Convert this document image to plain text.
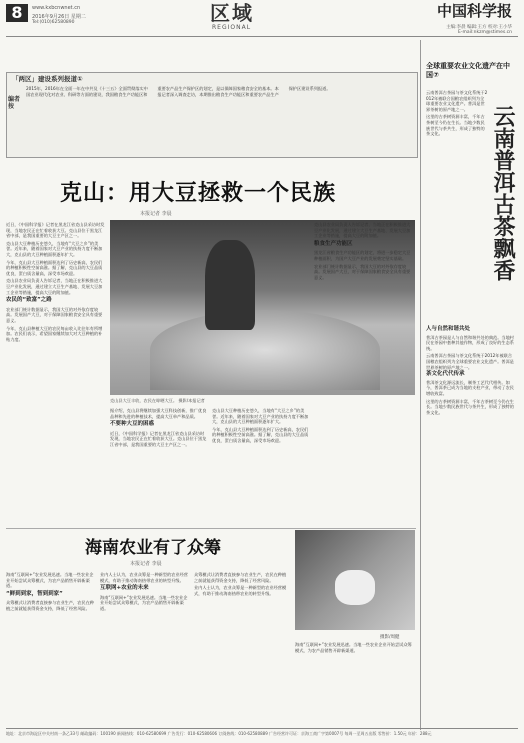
8	www.kxbcnwnet.cn
2016年9月26日 星期二
Tel:(010)62580890	区域
REGIONAL
中国科学报
主编:李晨 编辑:王方 校对:王小华
E-mail:nkzm@stimes.cn
「两区」建设系列报道①
编者按
2015年，2016年在全面一年在中共及《十三五》全面贯彻落实中国农业现代化对农业、科研等方面的建设，我国粮食生产功能区和重要农产品生产保护区的划定，是以保障国家粮食安全的基本。本报记者深入调查走访，本期推出粮食生产功能区和重要农产品生产保护区建设系列报道。
克山：用大豆拯救一个民族
本报记者 李晨

近日，《中国科学报》记者在黑龙江省克山县采访时发现，当地农民正在忙着收获大豆。克山县位于黑龙江省中部，是我国重要的大豆主产区之一。

克山县大豆种植历史悠久，当地有“大豆之乡”的美誉。近年来，随着国家对大豆产业的扶持力度不断加大，克山县的大豆种植面积逐年扩大。

今年，克山县大豆种植面积达到了历史新高，农民们的种植积极性空前高涨。据了解，克山县的大豆品质优良，蛋白质含量高，深受市场欢迎。

克山县农业局负责人告诉记者，当地正在积极推进大豆产业化发展，通过建立大豆生产基地、发展大豆加工企业等措施，提高大豆的附加值。

农民的“致富”之路

农业部门统计数据显示，我国大豆的对外依存度较高。发展国产大豆，对于保障国家粮食安全具有重要意义。

今年，克山县种植大豆的农民每亩收入比往年有所增加。农民们表示，希望国家继续加大对大豆种植的补贴力度。

克山县大豆丰收，农民在晾晒大豆。 摄影/本报记者

据介绍，克山县将继续加强大豆科技创新，推广优良品种和先进的种植技术，提高大豆单产和品质。

不要种大豆的困惑

近日，《中国科学报》记者在黑龙江省克山县采访时发现，当地农民正在忙着收获大豆。克山县位于黑龙江省中部，是我国重要的大豆主产区之一。

克山县大豆种植历史悠久，当地有“大豆之乡”的美誉。近年来，随着国家对大豆产业的扶持力度不断加大，克山县的大豆种植面积逐年扩大。

今年，克山县大豆种植面积达到了历史新高，农民们的种植积极性空前高涨。据了解，克山县的大豆品质优良，蛋白质含量高，深受市场欢迎。

克山县农业局负责人告诉记者，当地正在积极推进大豆产业化发展，通过建立大豆生产基地、发展大豆加工企业等措施，提高大豆的附加值。

粮食生产功能区

黑龙江省粮食生产功能区的划定，将进一步稳定大豆种植面积，为国产大豆产业的发展奠定坚实基础。

农业部门统计数据显示，我国大豆的对外依存度较高。发展国产大豆，对于保障国家粮食安全具有重要意义。

海南农业有了众筹
本报记者 李晨

海南“互联网+”农业发展迅速。当地一些农业企业开始尝试众筹模式，为农产品销售开辟新渠道。

“鲜到到家，智到到家”

众筹模式让消费者直接参与农业生产，农民在种植之前就能获得资金支持，降低了经营风险。

业内人士认为，农业众筹是一种新型的农业经营模式，有助于推动海南热带农业的转型升级。

互联网+农业的未来

海南“互联网+”农业发展迅速。当地一些农业企业开始尝试众筹模式，为农产品销售开辟新渠道。

众筹模式让消费者直接参与农业生产，农民在种植之前就能获得资金支持，降低了经营风险。

业内人士认为，农业众筹是一种新型的农业经营模式，有助于推动海南热带农业的转型升级。

摄影/周健

海南“互联网+”农业发展迅速。当地一些农业企业开始尝试众筹模式，为农产品销售开辟新渠道。

全球重要农业文化遗产在中国⑦
云南普洱古茶飘香

云南普洱古茶园与茶文化系统于2012年被联合国粮农组织列为全球重要农业文化遗产。普洱是世界茶树的原产地之一。

这里的古茶树资源丰富，千年古茶树至今仍在生长。当地少数民族世代与茶共生，形成了独特的茶文化。

人与自然和谐共处

普洱古茶园是人与自然和谐共处的典范。当地村民在茶园中套种其他作物，形成了良好的生态系统。

云南普洱古茶园与茶文化系统于2012年被联合国粮农组织列为全球重要农业文化遗产。普洱是世界茶树的原产地之一。

茶文化代代传承

普洱茶文化源远流长，制茶工艺代代相传。如今，普洱茶已成为当地的支柱产业，带动了农民增收致富。

这里的古茶树资源丰富，千年古茶树至今仍在生长。当地少数民族世代与茶共生，形成了独特的茶文化。

地址：北京市海淀区中关村南一条乙33号 邮政编码：100190 新闻热线：010-62580699 广告发行：010-62580606 订阅热线：010-62580889 广告经营许可证：京海工商广字第0007号 每周一至周五出版 零售价：1.50元 年价：288元
